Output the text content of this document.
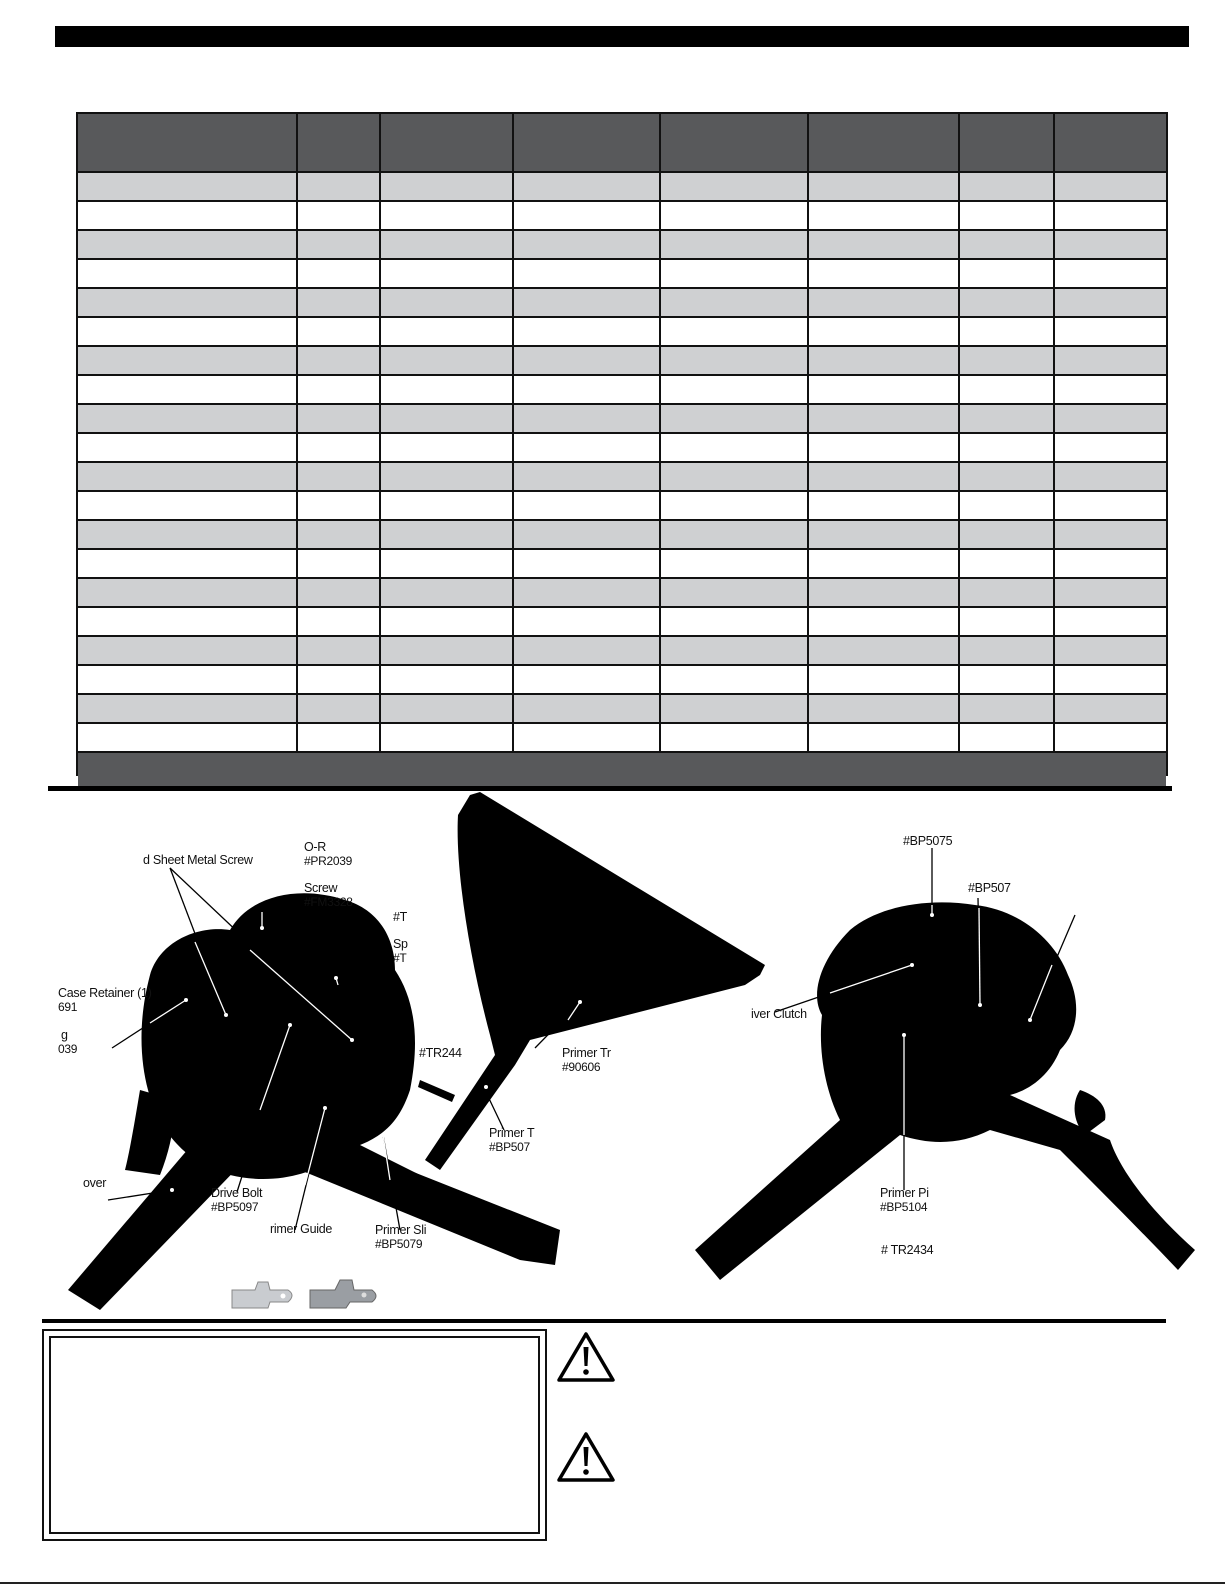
d Sheet Metal Screw
O-R
#PR2039
Screw
#FM3328
#T
Sp
#T
Case Retainer (1)
691
g
039	#TR244	Primer Tr
#90606
Primer T
#BP507
over
Drive Bolt
#BP5097
rimer Guide	Primer Sli
#BP5079
#BP5075
#BP507
iver Clutch
Primer Pi
#BP5104
# TR2434
